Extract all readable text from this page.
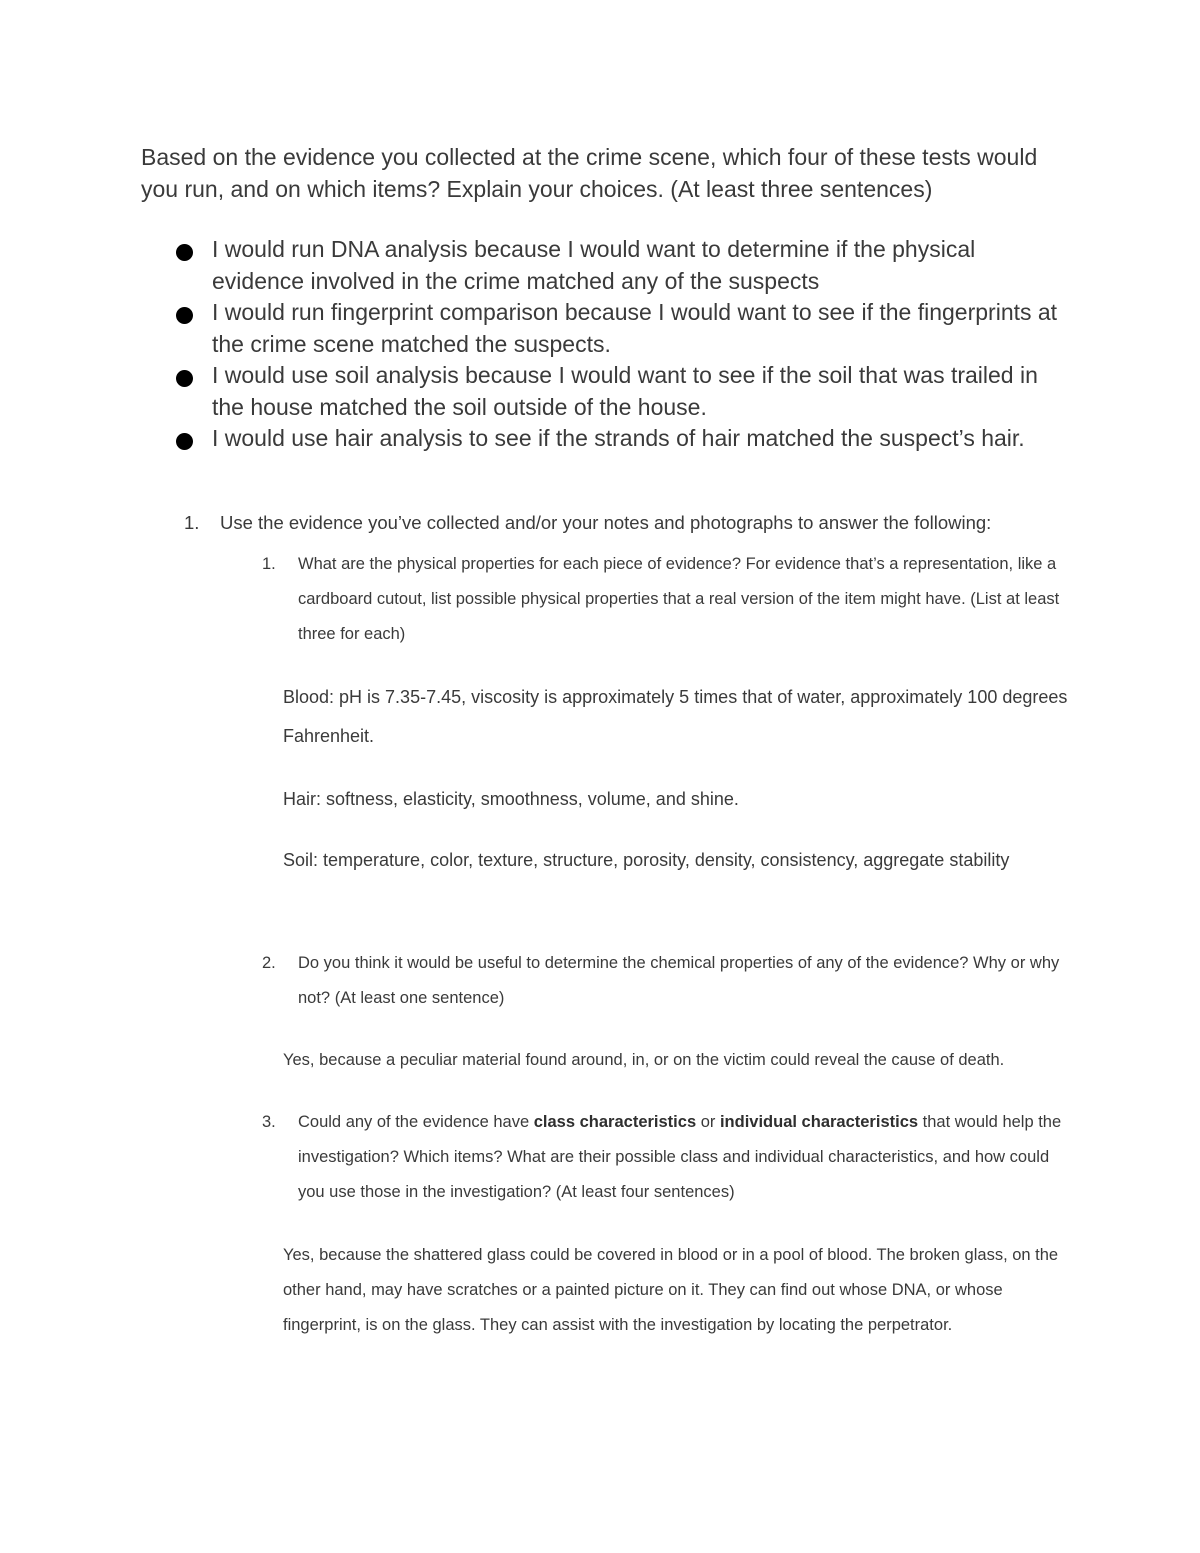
Based on the evidence you collected at the crime scene, which four of these tests would you run, and on which items? Explain your choices. (At least three sentences)

I would run DNA analysis because I would want to determine if the physical evidence involved in the crime matched any of the suspects
I would run fingerprint comparison because I would want to see if the fingerprints at the crime scene matched the suspects.
I would use soil analysis because I would want to see if the soil that was trailed in the house matched the soil outside of the house.
I would use hair analysis to see if the strands of hair matched the suspect’s hair.
1. Use the evidence you’ve collected and/or your notes and photographs to answer the following:
1. What are the physical properties for each piece of evidence? For evidence that’s a representation, like a cardboard cutout, list possible physical properties that a real version of the item might have. (List at least three for each)

Blood: pH is 7.35-7.45, viscosity is approximately 5 times that of water, approximately 100 degrees Fahrenheit.

Hair: softness, elasticity, smoothness, volume, and shine.

Soil: temperature, color, texture, structure, porosity, density, consistency, aggregate stability

2. Do you think it would be useful to determine the chemical properties of any of the evidence? Why or why not? (At least one sentence)

Yes, because a peculiar material found around, in, or on the victim could reveal the cause of death.

3. Could any of the evidence have class characteristics or individual characteristics that would help the investigation? Which items? What are their possible class and individual characteristics, and how could you use those in the investigation? (At least four sentences)

Yes, because the shattered glass could be covered in blood or in a pool of blood. The broken glass, on the other hand, may have scratches or a painted picture on it. They can find out whose DNA, or whose fingerprint, is on the glass. They can assist with the investigation by locating the perpetrator.
